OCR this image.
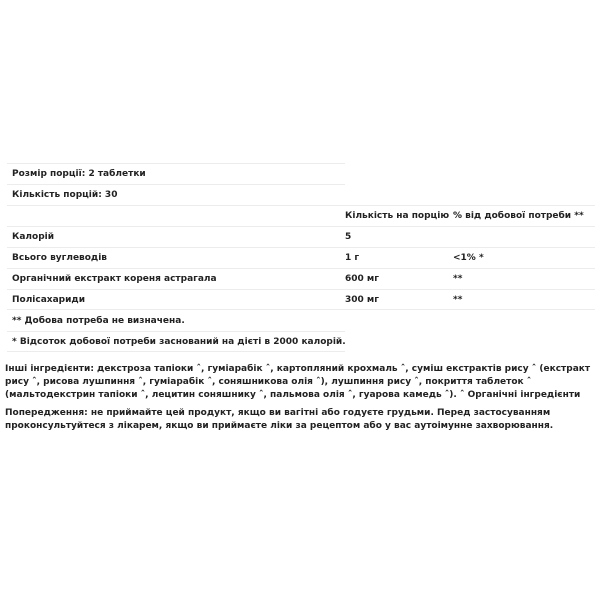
Розмір порції: 2 таблетки
Кількість порцій: 30
Кількість на порцію % від добової потреби **
Калорій	5
Всього вуглеводів	1 г	<1% *
Органічний екстракт кореня астрагала	600 мг	**
Полісахариди	300 мг	**
** Добова потреба не визначена.
* Відсоток добової потреби заснований на дієті в 2000 калорій.

Інші інгредієнти: декстроза тапіоки ˆ, гуміарабік ˆ, картопляний крохмаль ˆ, суміш екстрактів рису ˆ (екстракт рису ˆ, рисова лушпиння ˆ, гуміарабік ˆ, соняшникова олія ˆ), лушпиння рису ˆ, покриття таблеток ˆ (мальтодекстрин тапіоки ˆ, лецитин соняшнику ˆ, пальмова олія ˆ, гуарова камедь ˆ). ˆ Органічні інгредієнти

Попередження: не приймайте цей продукт, якщо ви вагітні або годуєте грудьми. Перед застосуванням проконсультуйтеся з лікарем, якщо ви приймаєте ліки за рецептом або у вас аутоімунне захворювання.
